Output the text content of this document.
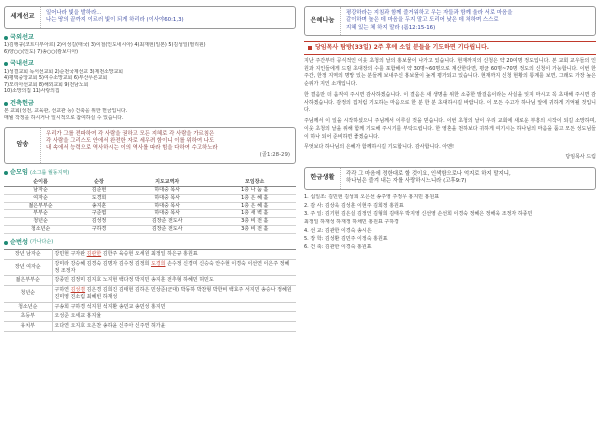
세계선교
일어나라 빛을 발하라...
나는 땅의 끝까지 이르러 빛이 되게 하리라 (이사야60:1,3)
국외선교
1)김행규(코트디부아르) 2)이성길(태국) 3)이철(인도네시아) 4)최재현(일본) 5)김성일(필리핀)
6)양○○(인도) 7)송○○(캄보디아)
국내선교
1)성결교회 독서선교회 2)순천국제선교 3)제천소망교회
4)평택중앙교회 5)여수소망교회 6)부산푸른교회
7)모리아선교회 8)해외교회 9)전남노회
10)소망의집 11)사랑의집
건축헌금
본 교회(성전, 교육관, 선교관 등) 건축을 위한 헌금입니다.
매월 작정을 하시거나 일시적으로 참여하실 수 있습니다.
암송
우리가 그를 전파하여 각 사람을 권하고 모든 지혜로 각 사람을 가르침은
각 사람을 그리스도 안에서 완전한 자로 세우려 함이니 이를 위하여 나도
내 속에서 능력으로 역사하시는 이의 역사를 따라 힘을 다하여 수고하노라
(골1:28-29)
순모임 (소그룹 월동지역)
순이름	순장	지도교역자	모임장소
남자순	김준현	하대중 목사	1층 나 눔 홀
여자순	도경희	하대중 목사	1층 은 혜 홀
젊은부부순	송지훈	하대중 목사	1층 은 혜 홀
부부순	구준엽	하대중 목사	1층 새 벽 홀
청년순	김성정	김장준 전도사	3층 비 전 홀
청소년순	구하경	김장준 전도사	3층 비 전 홀
순번성 (가나다순)
장년 남자순	강민현 구자완 김관한 김한주 육승현 오세원 최정일 하은규 홍원표
장년 여자순	강미라 강승혜 김경숙 김명자 김수정 김정희 도경희 손수정 신경미 신승숙 안수현 이경숙 이선연 이은주 정혜정 조정자
젊은부부순	강종민 김정미 김지호 노지현 백다정 박지민 송지훈 전추형 하혜민 허민도
청년순	구하연 김성겸 김은경 김희진 김태현 김하은 민상준(군대) 박동하 박찬형 박한비 백효주 서지민 송승나 정혜원 진미영 진소림 최혜빈 하재성
청소년순	구송희 구하경 석지원 석지환 송민교 송민성 홍지민
초등부	오성준 오세교 홍지율
유치부	오다연 오지호 오은찬 송하윤 신주아 신주연 허가윤
은혜나눔
평강하라는 지침과 함께 즐거워하고 우는 자들과 함께 울라 서로 마음을
같이하며 높은 데 마음을 두지 말고 도리어 낮은 데 처하며 스스로
지혜 있는 체 하지 말라 (롬12:15-16)
당임목사 탐방(33일) 2주 후에 소일 분들을 기도하면 기다립니다.

지난 주간부터 공식적인 이웃 초청의 날의 홍보물이 나가고 있습니다. 현재까지의 신청은 약 20여명 정도입니다. 본 교회 교우들의 인원과 지인들에게 드릴 초대장의 수를 포함해서 약 30명~60명으로 계산한다면, 평균 60명~70명 정도의 신청이 가능합니다. 이번 한 주간, 한정 지역의 명망 있는 분들께 보내주신 홍보물이 높게 평가되고 있습니다. 현재까지 신청 현황의 통계를 보면, 그래도 가장 높은 순위가 지인 소개입니다.

한 결음만 더 움직여 주시면 감사하겠습니다. 이 결음은 새 생명을 위한 소중한 발걸음이라는 사실을 잊지 마시고 꼭 초대해 주시면 감사하겠습니다. 감정의 집처럼 기도하는 마음으로 한 분 한 분 초대하시길 바랍니다. 이 모든 수고가 하나님 앞에 귀하게 기억될 것입니다.

주님께서 이 일을 시작하셨으니 주님께서 이루실 것을 믿습니다. 이번 초청의 날이 우리 교회에 새로운 부흥의 시작이 되길 소망하며, 이웃 초청의 날을 위해 함께 기도해 주시기를 부탁드립니다. 한 영혼을 천하보다 귀하게 여기시는 하나님의 마음을 품고 모든 성도님들이 하나 되어 준비하면 좋겠습니다.

무엇보다 하나님의 은혜가 함께하시길 기도합니다. 감사합니다. 아멘!

당임목사 드림
한금생활
각각 그 마음에 정한대로 할 것이요, 인색함으로나 억지로 하지 말지니,
하나님은 즐겨 내는 자를 사랑하시느니라 (고후9:7)
1. 십일조: 김민현 김성희 오은선 송주영 주정우 홍지민 홍원표
2. 감 사: 김상욱 김성훈 이현주 김희정 홍원표
3. 주 일: 김기현 김은실 김정인 김형희 김태우 박지영 신선영 손선희 이경숙 정혜은 정해욱 조정자 하종민
최정일 하재성 하재정 하채민 홍원표 구하경
4. 선 교: 김관한 이경숙 송시은
5. 장 학: 김성환 김민주 이정숙 홍원표
6. 건 축: 김관한 이경숙 홍원표
